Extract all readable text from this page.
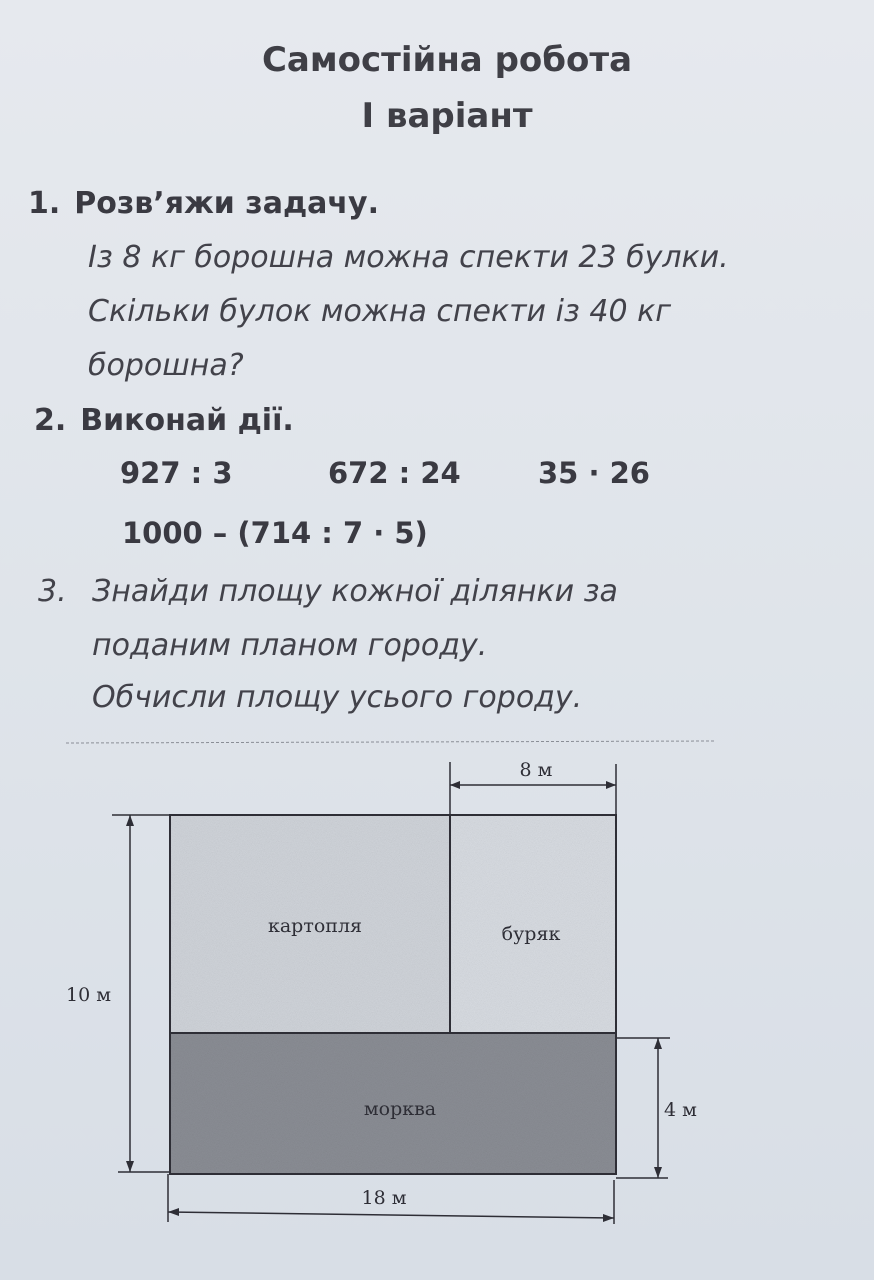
Самостійна робота
І варіант
1. Розв’яжи задачу.
Із 8 кг борошна можна спекти 23 булки.
Скільки булок можна спекти із 40 кг
борошна?
2. Виконай дії.
927 : 3	672 : 24	35 · 26
1000 – (714 : 7 · 5)
3. Знайди площу кожної ділянки за
поданим планом городу.
Обчисли площу усього городу.
картопля	буряк
морква
8 м
10 м
4 м
18 м
